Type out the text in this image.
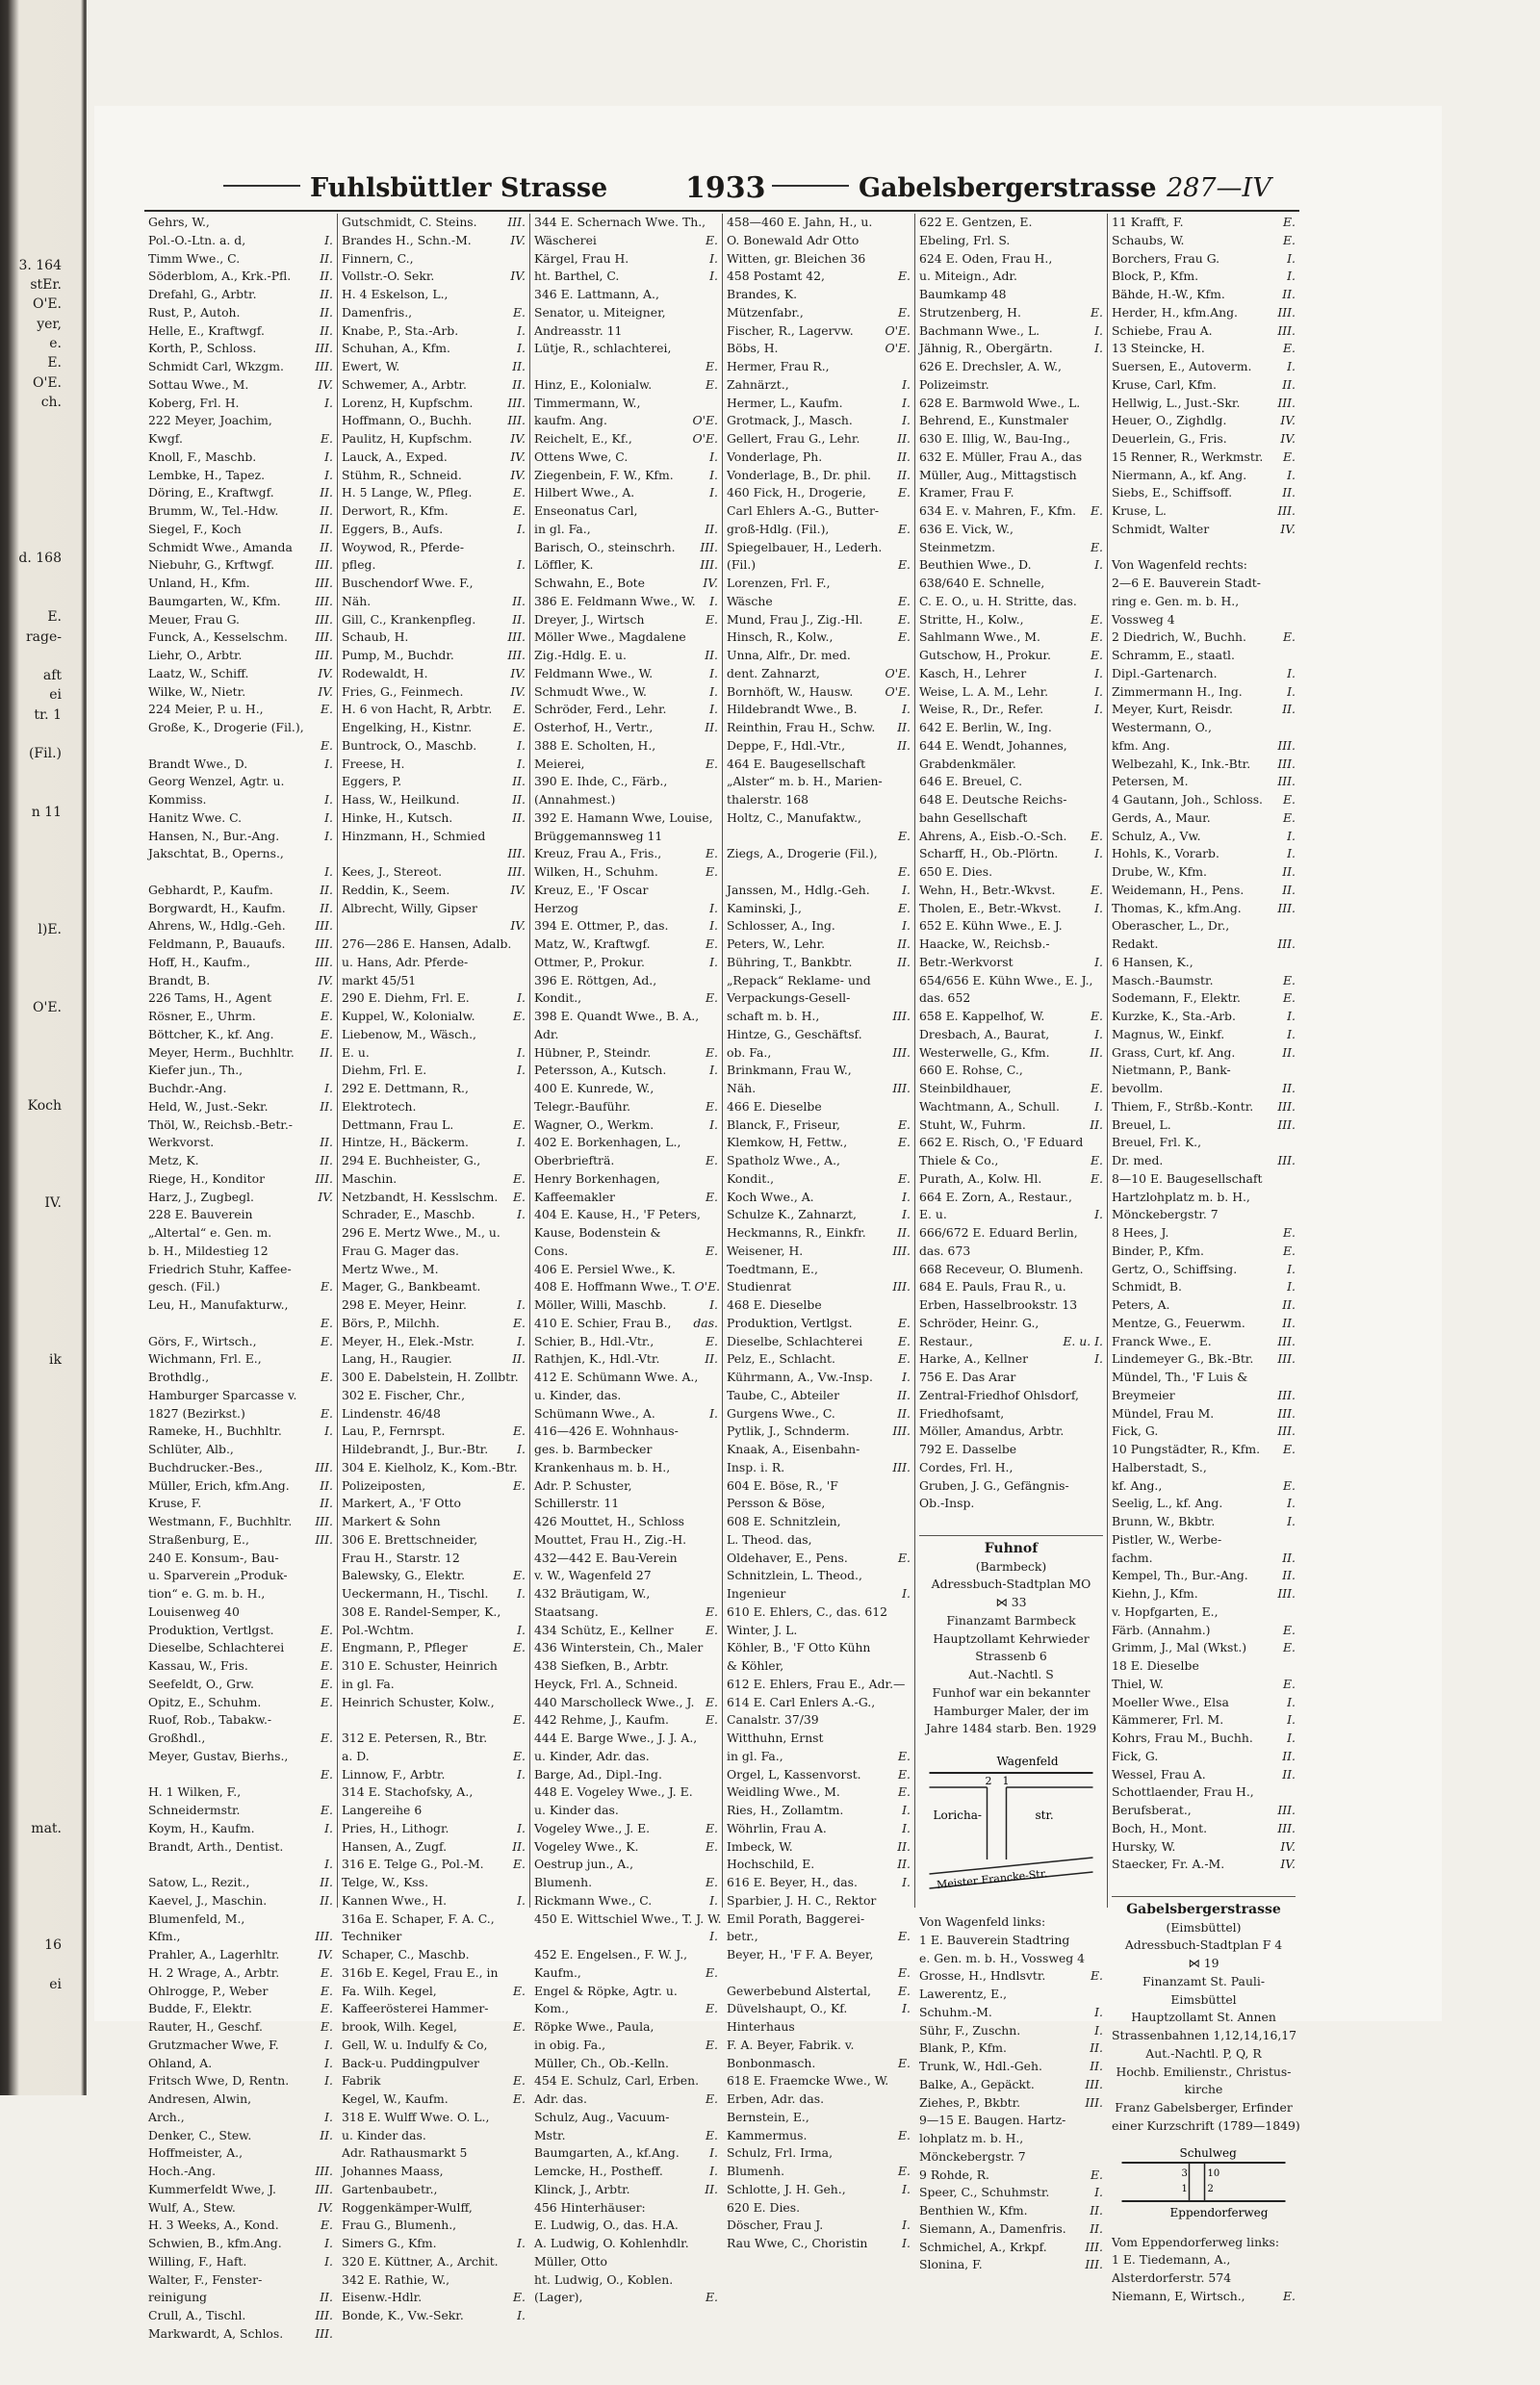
3. 164
stEr.
O'E.
yer,
e.
E.
O'E.
ch.

d. 168

E.
rage-

aft
ei
tr. 1

(Fil.)

n 11

l)E.

O'E.

Koch

IV.

ik

mat.

16

ei

Fuhlsbüttler Strasse	1933	Gabelsbergerstrasse 287—IV
Gehrs, W.,
Pol.-O.-Ltn. a. d,	I.
Timm Wwe., C.	II.
Söderblom, A., Krk.-Pfl. II.
Drefahl, G., Arbtr.	II.
Rust, P., Autoh.	II.
Helle, E., Kraftwgf.	II.
Korth, P., Schloss.	III.
Schmidt Carl, Wkzgm.	III.
Sottau Wwe., M.	IV.
Koberg, Frl. H.	I.
222 Meyer, Joachim,
Kwgf.	E.
Knoll, F., Maschb.	I.
Lembke, H., Tapez.	I.
Döring, E., Kraftwgf.	II.
Brumm, W., Tel.-Hdw.	II.
Siegel, F., Koch	II.
Schmidt Wwe., Amanda II.
Niebuhr, G., Krftwgf.	III.
Unland, H., Kfm.	III.
Baumgarten, W., Kfm.	III.
Meuer, Frau G.	III.
Funck, A., Kesselschm. III.
Liehr, O., Arbtr.	III.
Laatz, W., Schiff.	IV.
Wilke, W., Nietr.	IV.
224 Meier, P. u. H.,	E.
Große, K., Drogerie (Fil.),

E.
Brandt Wwe., D.	I.
Georg Wenzel, Agtr. u.
Kommiss.	I.
Hanitz Wwe. C.	I.
Hansen, N., Bur.-Ang.	I.
Jakschtat, B., Operns.,

I.
Gebhardt, P., Kaufm.	II.
Borgwardt, H., Kaufm.	II.
Ahrens, W., Hdlg.-Geh. III.
Feldmann, P., Bauaufs. III.
Hoff, H., Kaufm.,	III.
Brandt, B.	IV.
226 Tams, H., Agent	E.
Rösner, E., Uhrm.	E.
Böttcher, K., kf. Ang.	E.
Meyer, Herm., Buchhltr. II.
Kiefer jun., Th.,
Buchdr.-Ang.	I.
Held, W., Just.-Sekr.	II.
Thöl, W., Reichsb.-Betr.-
Werkvorst.	II.
Metz, K.	II.
Riege, H., Konditor	III.
Harz, J., Zugbegl.	IV.
228 E. Bauverein
„Altertal“ e. Gen. m.
b. H., Mildestieg 12
Friedrich Stuhr, Kaffee-
gesch. (Fil.)	E.
Leu, H., Manufakturw.,

E.
Görs, F., Wirtsch.,	E.
Wichmann, Frl. E.,
Brothdlg.,	E.
Hamburger Sparcasse v.
1827 (Bezirkst.)	E.
Rameke, H., Buchhltr.	I.
Schlüter, Alb.,
Buchdrucker.-Bes.,	III.
Müller, Erich, kfm.Ang.	II.
Kruse, F.	II.
Westmann, F., Buchhltr. III.
Straßenburg, E.,	III.
240 E. Konsum-, Bau-
u. Sparverein „Produk-
tion“ e. G. m. b. H.,
Louisenweg 40
Produktion, Vertlgst.	E.
Dieselbe, Schlachterei	E.
Kassau, W., Fris.	E.
Seefeldt, O., Grw.	E.
Opitz, E., Schuhm.	E.
Ruof, Rob., Tabakw.-
Großhdl.,	E.
Meyer, Gustav, Bierhs.,

E.
H. 1 Wilken, F.,
Schneidermstr.	E.
Koym, H., Kaufm.	I.
Brandt, Arth., Dentist.

I.
Satow, L., Rezit.,	II.
Kaevel, J., Maschin.	II.
Blumenfeld, M.,
Kfm.,	III.
Prahler, A., Lagerhltr.	IV.
H. 2 Wrage, A., Arbtr.	E.
Ohlrogge, P., Weber	E.
Budde, F., Elektr.	E.
Rauter, H., Geschf.	E.
Grutzmacher Wwe, F.	I.
Ohland, A.	I.
Fritsch Wwe, D, Rentn.	I.
Andresen, Alwin,
Arch.,	I.
Denker, C., Stew.	II.
Hoffmeister, A.,
Hoch.-Ang.	III.
Kummerfeldt Wwe, J.	III.
Wulf, A., Stew.	IV.
H. 3 Weeks, A., Kond.	E.
Schwien, B., kfm.Ang.	I.
Willing, F., Haft.	I.
Walter, F., Fenster-
reinigung	II.
Crull, A., Tischl.	III.
Markwardt, A, Schlos.	III.
Gutschmidt, C. Steins.	III.
Brandes H., Schn.-M.	IV.
Finnern, C.,
Vollstr.-O. Sekr.	IV.
H. 4 Eskelson, L.,
Damenfris.,	E.
Knabe, P., Sta.-Arb.	I.
Schuhan, A., Kfm.	I.
Ewert, W.	II.
Schwemer, A., Arbtr.	II.
Lorenz, H, Kupfschm.	III.
Hoffmann, O., Buchh.	III.
Paulitz, H, Kupfschm.	IV.
Lauck, A., Exped.	IV.
Stühm, R., Schneid.	IV.
H. 5 Lange, W., Pfleg.	E.
Derwort, R., Kfm.	E.
Eggers, B., Aufs.	I.
Woywod, R., Pferde-
pfleg.	I.
Buschendorf Wwe. F.,
Näh.	II.
Gill, C., Krankenpfleg.	II.
Schaub, H.	III.
Pump, M., Buchdr.	III.
Rodewaldt, H.	IV.
Fries, G., Feinmech.	IV.
H. 6 von Hacht, R, Arbtr. E.
Engelking, H., Kistnr.	E.
Buntrock, O., Maschb.	I.
Freese, H.	I.
Eggers, P.	II.
Hass, W., Heilkund.	II.
Hinke, H., Kutsch.	II.
Hinzmann, H., Schmied

III.
Kees, J., Stereot.	III.
Reddin, K., Seem.	IV.
Albrecht, Willy, Gipser

IV.
276—286 E. Hansen, Adalb.
u. Hans, Adr. Pferde-
markt 45/51
290 E. Diehm, Frl. E.	I.
Kuppel, W., Kolonialw.	E.
Liebenow, M., Wäsch.,
E. u.	I.
Diehm, Frl. E.	I.
292 E. Dettmann, R.,
Elektrotech.
Dettmann, Frau L.	E.
Hintze, H., Bäckerm.	I.
294 E. Buchheister, G.,
Maschin.	E.
Netzbandt, H. Kesslschm. E.
Schrader, E., Maschb.	I.
296 E. Mertz Wwe., M., u.
Frau G. Mager das.
Mertz Wwe., M.
Mager, G., Bankbeamt.
298 E. Meyer, Heinr.	I.
Börs, P., Milchh.	E.
Meyer, H., Elek.-Mstr.	I.
Lang, H., Raugier.	II.
300 E. Dabelstein, H. Zollbtr.
302 E. Fischer, Chr.,
Lindenstr. 46/48
Lau, P., Fernrspt.	E.
Hildebrandt, J., Bur.-Btr. I.
304 E. Kielholz, K., Kom.-Btr.
Polizeiposten,	E.
Markert, A., 'F Otto
Markert & Sohn
306 E. Brettschneider,
Frau H., Starstr. 12
Balewsky, G., Elektr.	E.
Ueckermann, H., Tischl. I.
308 E. Randel-Semper, K.,
Pol.-Wchtm.	I.
Engmann, P., Pfleger	E.
310 E. Schuster, Heinrich
in gl. Fa.
Heinrich Schuster, Kolw.,

E.
312 E. Petersen, R., Btr.
a. D.	E.
Linnow, F., Arbtr.	I.
314 E. Stachofsky, A.,
Langereihe 6
Pries, H., Lithogr.	I.
Hansen, A., Zugf.	II.
316 E. Telge G., Pol.-M. E.
Telge, W., Kss.
Kannen Wwe., H.	I.
316a E. Schaper, F. A. C.,
Techniker
Schaper, C., Maschb.
316b E. Kegel, Frau E., in
Fa. Wilh. Kegel,	E.
Kaffeerösterei Hammer-
brook, Wilh. Kegel,	E.
Gell, W. u. Indulfy & Co,
Back-u. Puddingpulver
Fabrik	E.
Kegel, W., Kaufm.	E.
318 E. Wulff Wwe. O. L.,
u. Kinder das.
Adr. Rathausmarkt 5
Johannes Maass,
Gartenbaubetr.,
Roggenkämper-Wulff,
Frau G., Blumenh.,
Simers G., Kfm.	I.
320 E. Küttner, A., Archit.
342 E. Rathie, W.,
Eisenw.-Hdlr.	E.
Bonde, K., Vw.-Sekr.	I.
344 E. Schernach Wwe. Th.,
Wäscherei	E.
Kärgel, Frau H.	I.
ht. Barthel, C.	I.
346 E. Lattmann, A.,
Senator, u. Miteigner,
Andreasstr. 11
Lütje, R., schlachterei,

E.
Hinz, E., Kolonialw.	E.
Timmermann, W.,
kaufm. Ang.	O'E.
Reichelt, E., Kf.,	O'E.
Ottens Wwe, C.	I.
Ziegenbein, F. W., Kfm.	I.
Hilbert Wwe., A.	I.
Enseonatus Carl,
in gl. Fa.,	II.
Barisch, O., steinschrh. III.
Löffler, K.	III.
Schwahn, E., Bote	IV.
386 E. Feldmann Wwe., W. I.
Dreyer, J., Wirtsch	E.
Möller Wwe., Magdalene
Zig.-Hdlg. E. u.	II.
Feldmann Wwe., W.	I.
Schmudt Wwe., W.	I.
Schröder, Ferd., Lehr.	I.
Osterhof, H., Vertr.,	II.
388 E. Scholten, H.,
Meierei,	E.
390 E. Ihde, C., Färb.,
(Annahmest.)
392 E. Hamann Wwe, Louise,
Brüggemannsweg 11
Kreuz, Frau A., Fris.,	E.
Wilken, H., Schuhm.	E.
Kreuz, E., 'F Oscar
Herzog	I.
394 E. Ottmer, P., das.	I.
Matz, W., Kraftwgf.	E.
Ottmer, P., Prokur.	I.
396 E. Röttgen, Ad.,
Kondit.,	E.
398 E. Quandt Wwe., B. A.,
Adr.
Hübner, P., Steindr.	E.
Petersson, A., Kutsch.	I.
400 E. Kunrede, W.,
Telegr.-Bauführ.	E.
Wagner, O., Werkm.	I.
402 E. Borkenhagen, L.,
Oberbriefträ.	E.
Henry Borkenhagen,
Kaffeemakler	E.
404 E. Kause, H., 'F Peters,
Kause, Bodenstein &
Cons.	E.
406 E. Persiel Wwe., K.
408 E. Hoffmann Wwe., T. O'E.
Möller, Willi, Maschb.	I.
410 E. Schier, Frau B., das.
Schier, B., Hdl.-Vtr.,	E.
Rathjen, K., Hdl.-Vtr.	II.
412 E. Schümann Wwe. A.,
u. Kinder, das.
Schümann Wwe., A.	I.
416—426 E. Wohnhaus-
ges. b. Barmbecker
Krankenhaus m. b. H.,
Adr. P. Schuster,
Schillerstr. 11
426 Mouttet, H., Schloss
Mouttet, Frau H., Zig.-H.
432—442 E. Bau-Verein
v. W., Wagenfeld 27
432 Bräutigam, W.,
Staatsang.	E.
434 Schütz, E., Kellner	E.
436 Winterstein, Ch., Maler
438 Siefken, B., Arbtr.
Heyck, Frl. A., Schneid.
440 Marscholleck Wwe., J. E.
442 Rehme, J., Kaufm.	E.
444 E. Barge Wwe., J. J. A.,
u. Kinder, Adr. das.
Barge, Ad., Dipl.-Ing.
448 E. Vogeley Wwe., J. E.
u. Kinder das.
Vogeley Wwe., J. E.	E.
Vogeley Wwe., K.	E.
Oestrup jun., A.,
Blumenh.	E.
Rickmann Wwe., C.	I.
450 E. Wittschiel Wwe., T. J. W.

I.
452 E. Engelsen., F. W. J.,
Kaufm.,	E.
Engel & Röpke, Agtr. u.
Kom.,	E.
Röpke Wwe., Paula,
in obig. Fa.,	E.
Müller, Ch., Ob.-Kelln.
454 E. Schulz, Carl, Erben.
Adr. das.	E.
Schulz, Aug., Vacuum-
Mstr.	E.
Baumgarten, A., kf.Ang.	I.
Lemcke, H., Postheff.	I.
Klinck, J., Arbtr.	II.
456 Hinterhäuser:
E. Ludwig, O., das. H.A.
A. Ludwig, O. Kohlenhdlr.
Müller, Otto
ht. Ludwig, O., Koblen.
(Lager),	E.
458—460 E. Jahn, H., u.
O. Bonewald Adr Otto
Witten, gr. Bleichen 36
458 Postamt 42,	E.
Brandes, K.
Mützenfabr.,	E.
Fischer, R., Lagervw.	O'E.
Böbs, H.	O'E.
Hermer, Frau R.,
Zahnärzt.,	I.
Hermer, L., Kaufm.	I.
Grotmack, J., Masch.	I.
Gellert, Frau G., Lehr.	II.
Vonderlage, Ph.	II.
Vonderlage, B., Dr. phil. II.
460 Fick, H., Drogerie,	E.
Carl Ehlers A.-G., Butter-
groß-Hdlg. (Fil.),	E.
Spiegelbauer, H., Lederh.
(Fil.)	E.
Lorenzen, Frl. F.,
Wäsche	E.
Mund, Frau J., Zig.-Hl.	E.
Hinsch, R., Kolw.,	E.
Unna, Alfr., Dr. med.
dent. Zahnarzt,	O'E.
Bornhöft, W., Hausw.	O'E.
Hildebrandt Wwe., B.	I.
Reinthin, Frau H., Schw. II.
Deppe, F., Hdl.-Vtr.,	II.
464 E. Baugesellschaft
„Alster“ m. b. H., Marien-
thalerstr. 168
Holtz, C., Manufaktw.,

E.
Ziegs, A., Drogerie (Fil.),

E.
Janssen, M., Hdlg.-Geh.	I.
Kaminski, J.,	E.
Schlosser, A., Ing.	I.
Peters, W., Lehr.	II.
Bühring, T., Bankbtr.	II.
„Repack“ Reklame- und
Verpackungs-Gesell-
schaft m. b. H.,	III.
Hintze, G., Geschäftsf.
ob. Fa.,	III.
Brinkmann, Frau W.,
Näh.	III.
466 E. Dieselbe
Blanck, F., Friseur,	E.
Klemkow, H, Fettw.,	E.
Spatholz Wwe., A.,
Kondit.,	E.
Koch Wwe., A.	I.
Schulze K., Zahnarzt,	I.
Heckmanns, R., Einkfr.	II.
Weisener, H.	III.
Toedtmann, E.,
Studienrat	III.
468 E. Dieselbe
Produktion, Vertlgst.	E.
Dieselbe, Schlachterei	E.
Pelz, E., Schlacht.	E.
Kührmann, A., Vw.-Insp. I.
Taube, C., Abteiler	II.
Gurgens Wwe., C.	II.
Pytlik, J., Schnderm.	III.
Knaak, A., Eisenbahn-
Insp. i. R.	III.
604 E. Böse, R., 'F
Persson & Böse,
608 E. Schnitzlein,
L. Theod. das,
Oldehaver, E., Pens.	E.
Schnitzlein, L. Theod.,
Ingenieur	I.
610 E. Ehlers, C., das. 612
Winter, J. L.
Köhler, B., 'F Otto Kühn
& Köhler,
612 E. Ehlers, Frau E., Adr.—
614 E. Carl Enlers A.-G.,
Canalstr. 37/39
Witthuhn, Ernst
in gl. Fa.,	E.
Orgel, L, Kassenvorst.	E.
Weidling Wwe., M.	E.
Ries, H., Zollamtm.	I.
Wöhrlin, Frau A.	I.
Imbeck, W.	II.
Hochschild, E.	II.
616 E. Beyer, H., das.	I.
Sparbier, J. H. C., Rektor
Emil Porath, Baggerei-
betr.,	E.
Beyer, H., 'F F. A. Beyer,

E.
Gewerbebund Alstertal, E.
Düvelshaupt, O., Kf.	I.
Hinterhaus
F. A. Beyer, Fabrik. v.
Bonbonmasch.	E.
618 E. Fraemcke Wwe., W.
Erben, Adr. das.
Bernstein, E.,
Kammermus.	E.
Schulz, Frl. Irma,
Blumenh.	E.
Schlotte, J. H. Geh.,	I.
620 E. Dies.
Döscher, Frau J.	I.
Rau Wwe, C., Choristin	I.
622 E. Gentzen, E.
Ebeling, Frl. S.
624 E. Oden, Frau H.,
u. Miteign., Adr.
Baumkamp 48
Strutzenberg, H.	E.
Bachmann Wwe., L.	I.
Jähnig, R., Obergärtn.	I.
626 E. Drechsler, A. W.,
Polizeimstr.
628 E. Barmwold Wwe., L.
Behrend, E., Kunstmaler
630 E. Illig, W., Bau-Ing.,
632 E. Müller, Frau A., das
Müller, Aug., Mittagstisch
Kramer, Frau F.
634 E. v. Mahren, F., Kfm. E.
636 E. Vick, W.,
Steinmetzm.	E.
Beuthien Wwe., D.	I.
638/640 E. Schnelle,
C. E. O., u. H. Stritte, das.
Stritte, H., Kolw.,	E.
Sahlmann Wwe., M.	E.
Gutschow, H., Prokur.	E.
Kasch, H., Lehrer	I.
Weise, L. A. M., Lehr.	I.
Weise, R., Dr., Refer.	I.
642 E. Berlin, W., Ing.
644 E. Wendt, Johannes,
Grabdenkmäler.
646 E. Breuel, C.
648 E. Deutsche Reichs-
bahn Gesellschaft
Ahrens, A., Eisb.-O.-Sch. E.
Scharff, H., Ob.-Plörtn.	I.
650 E. Dies.
Wehn, H., Betr.-Wkvst.	E.
Tholen, E., Betr.-Wkvst.	I.
652 E. Kühn Wwe., E. J.
Haacke, W., Reichsb.-
Betr.-Werkvorst	I.
654/656 E. Kühn Wwe., E. J.,
das. 652
658 E. Kappelhof, W.	E.
Dresbach, A., Baurat,	I.
Westerwelle, G., Kfm.	II.
660 E. Rohse, C.,
Steinbildhauer,	E.
Wachtmann, A., Schull.	I.
Stuht, W., Fuhrm.	II.
662 E. Risch, O., 'F Eduard
Thiele & Co.,	E.
Purath, A., Kolw. Hl.	E.
664 E. Zorn, A., Restaur.,
E. u.	I.
666/672 E. Eduard Berlin,
das. 673
668 Receveur, O. Blumenh.
684 E. Pauls, Frau R., u.
Erben, Hasselbrookstr. 13
Schröder, Heinr. G.,
Restaur.,	E. u. I.
Harke, A., Kellner	I.
756 E. Das Arar
Zentral-Friedhof Ohlsdorf,
Friedhofsamt,
Möller, Amandus, Arbtr.
792 E. Dasselbe
Cordes, Frl. H.,
Gruben, J. G., Gefängnis-
Ob.-Insp.

Fuhnof
(Barmbeck)
Adressbuch-Stadtplan MO
⋈ 33
Finanzamt Barmbeck
Hauptzollamt Kehrwieder
Strassenb 6
Aut.-Nachtl. S
Funhof war ein bekannter
Hamburger Maler, der im
Jahre 1484 starb. Ben. 1929
Wagenfeld
2 1
Loricha-	str.
Meister Francke-Str.
Von Wagenfeld links:
1 E. Bauverein Stadtring
e. Gen. m. b. H., Vossweg 4
Grosse, H., Hndlsvtr.	E.
Lawerentz, E.,
Schuhm.-M.	I.
Sühr, F., Zuschn.	I.
Blank, P., Kfm.	II.
Trunk, W., Hdl.-Geh.	II.
Balke, A., Gepäckt.	III.
Ziehes, P., Bkbtr.	III.
9—15 E. Baugen. Hartz-
lohplatz m. b. H.,
Mönckebergstr. 7
9 Rohde, R.	E.
Speer, C., Schuhmstr.	I.
Benthien W., Kfm.	II.
Siemann, A., Damenfris. II.
Schmichel, A., Krkpf.	III.
Slonina, F.	III.
11 Krafft, F.	E.
Schaubs, W.	E.
Borchers, Frau G.	I.
Block, P., Kfm.	I.
Bähde, H.-W., Kfm.	II.
Herder, H., kfm.Ang.	III.
Schiebe, Frau A.	III.
13 Steincke, H.	E.
Suersen, E., Autoverm.	I.
Kruse, Carl, Kfm.	II.
Hellwig, L., Just.-Skr.	III.
Heuer, O., Zighdlg.	IV.
Deuerlein, G., Fris.	IV.
15 Renner, R., Werkmstr. E.
Niermann, A., kf. Ang.	I.
Siebs, E., Schiffsoff.	II.
Kruse, L.	III.
Schmidt, Walter	IV.

Von Wagenfeld rechts:
2—6 E. Bauverein Stadt-
ring e. Gen. m. b. H.,
Vossweg 4
2 Diedrich, W., Buchh.	E.
Schramm, E., staatl.
Dipl.-Gartenarch.	I.
Zimmermann H., Ing.	I.
Meyer, Kurt, Reisdr.	II.
Westermann, O.,
kfm. Ang.	III.
Welbezahl, K., Ink.-Btr. III.
Petersen, M.	III.
4 Gautann, Joh., Schloss. E.
Gerds, A., Maur.	E.
Schulz, A., Vw.	I.
Hohls, K., Vorarb.	I.
Drube, W., Kfm.	II.
Weidemann, H., Pens.	II.
Thomas, K., kfm.Ang.	III.
Oberascher, L., Dr.,
Redakt.	III.
6 Hansen, K.,
Masch.-Baumstr.	E.
Sodemann, F., Elektr.	E.
Kurzke, K., Sta.-Arb.	I.
Magnus, W., Einkf.	I.
Grass, Curt, kf. Ang.	II.
Nietmann, P., Bank-
bevollm.	II.
Thiem, F., Strßb.-Kontr. III.
Breuel, L.	III.
Breuel, Frl. K.,
Dr. med.	III.
8—10 E. Baugesellschaft
Hartzlohplatz m. b. H.,
Mönckebergstr. 7
8 Hees, J.	E.
Binder, P., Kfm.	E.
Gertz, O., Schiffsing.	I.
Schmidt, B.	I.
Peters, A.	II.
Mentze, G., Feuerwm.	II.
Franck Wwe., E.	III.
Lindemeyer G., Bk.-Btr. III.
Mündel, Th., 'F Luis &
Breymeier	III.
Mündel, Frau M.	III.
Fick, G.	III.
10 Pungstädter, R., Kfm. E.
Halberstadt, S.,
kf. Ang.,	E.
Seelig, L., kf. Ang.	I.
Brunn, W., Bkbtr.	I.
Pistler, W., Werbe-
fachm.	II.
Kempel, Th., Bur.-Ang.	II.
Kiehn, J., Kfm.	III.
v. Hopfgarten, E.,
Färb. (Annahm.)	E.
Grimm, J., Mal (Wkst.)	E.
18 E. Dieselbe
Thiel, W.	E.
Moeller Wwe., Elsa	I.
Kämmerer, Frl. M.	I.
Kohrs, Frau M., Buchh.	I.
Fick, G.	II.
Wessel, Frau A.	II.
Schottlaender, Frau H.,
Berufsberat.,	III.
Boch, H., Mont.	III.
Hursky, W.	IV.
Staecker, Fr. A.-M.	IV.

Gabelsbergerstrasse
(Eimsbüttel)
Adressbuch-Stadtplan F 4
⋈ 19
Finanzamt St. Pauli-
Eimsbüttel
Hauptzollamt St. Annen
Strassenbahnen 1,12,14,16,17
Aut.-Nachtl. P, Q, R
Hochb. Emilienstr., Christus-
kirche
Franz Gabelsberger, Erfinder
einer Kurzschrift (1789—1849)
Schulweg
3
1
10
2
Eppendorferweg
Vom Eppendorferweg links:
1 E. Tiedemann, A.,
Alsterdorferstr. 574
Niemann, E, Wirtsch.,	E.
